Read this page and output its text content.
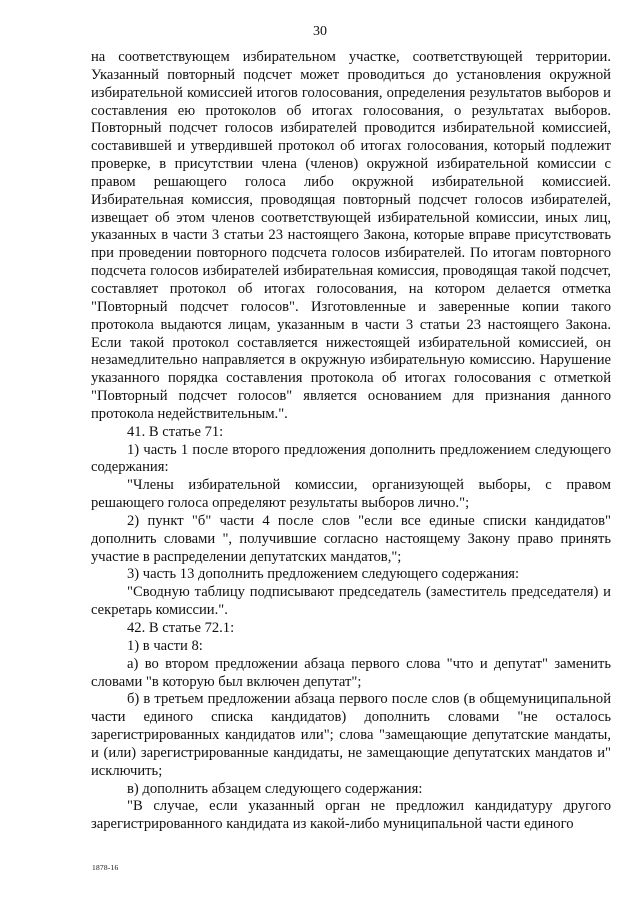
30

на соответствующем избирательном участке, соответствующей территории. Указанный повторный подсчет может проводиться до установления окружной избирательной комиссией итогов голосования, определения результатов выборов и составления ею протоколов об итогах голосования, о результатах выборов. Повторный подсчет голосов избирателей проводится избирательной комиссией, составившей и утвердившей протокол об итогах голосования, который подлежит проверке, в присутствии члена (членов) окружной избирательной комиссии с правом решающего голоса либо окружной избирательной комиссией. Избирательная комиссия, проводящая повторный подсчет голосов избирателей, извещает об этом членов соответствующей избирательной комиссии, иных лиц, указанных в части 3 статьи 23 настоящего Закона, которые вправе присутствовать при проведении повторного подсчета голосов избирателей. По итогам повторного подсчета голосов избирателей избирательная комиссия, проводящая такой подсчет, составляет протокол об итогах голосования, на котором делается отметка "Повторный подсчет голосов". Изготовленные и заверенные копии такого протокола выдаются лицам, указанным в части 3 статьи 23 настоящего Закона. Если такой протокол составляется нижестоящей избирательной комиссией, он незамедлительно направляется в окружную избирательную комиссию. Нарушение указанного порядка составления протокола об итогах голосования с отметкой "Повторный подсчет голосов" является основанием для признания данного протокола недействительным.".

41. В статье 71:

1) часть 1 после второго предложения дополнить предложением следующего содержания:

"Члены избирательной комиссии, организующей выборы, с правом решающего голоса определяют результаты выборов лично.";

2) пункт "б" части 4 после слов "если все единые списки кандидатов" дополнить словами ", получившие согласно настоящему Закону право принять участие в распределении депутатских мандатов,";

3) часть 13 дополнить предложением следующего содержания:

"Сводную таблицу подписывают председатель (заместитель председателя) и секретарь комиссии.".

42. В статье 72.1:

1) в части 8:

а) во втором предложении абзаца первого слова "что и депутат" заменить словами "в которую был включен депутат";

б) в третьем предложении абзаца первого после слов (в общемуниципальной части единого списка кандидатов) дополнить словами "не осталось зарегистрированных кандидатов или"; слова "замещающие депутатские мандаты, и (или) зарегистрированные кандидаты, не замещающие депутатских мандатов и" исключить;

в) дополнить абзацем следующего содержания:

"В случае, если указанный орган не предложил кандидатуру другого зарегистрированного кандидата из какой-либо муниципальной части единого

1878-16
